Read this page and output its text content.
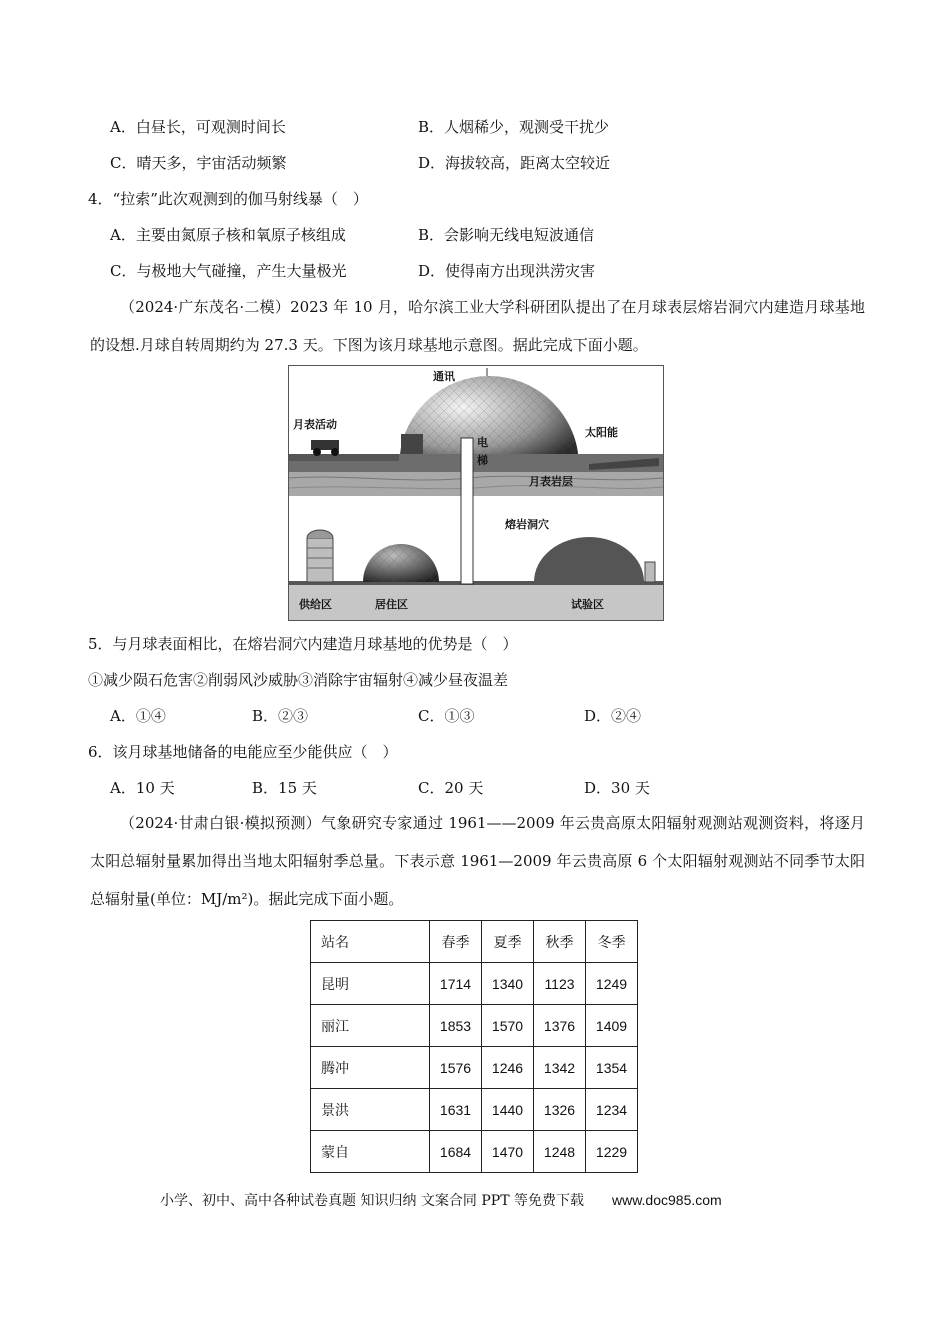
A．白昼长，可观测时间长	B．人烟稀少，观测受干扰少
C．晴天多，宇宙活动频繁	D．海拔较高，距离太空较近
4．“拉索”此次观测到的伽马射线暴（　）
A．主要由氮原子核和氧原子核组成	B．会影响无线电短波通信
C．与极地大气碰撞，产生大量极光	D．使得南方出现洪涝灾害
（2024·广东茂名·二模）2023 年 10 月，哈尔滨工业大学科研团队提出了在月球表层熔岩洞穴内建造月球基地的设想.月球自转周期约为 27.3 天。下图为该月球基地示意图。据此完成下面小题。
通讯
月表活动
电
梯
太阳能
月表岩层
熔岩洞穴
供给区	居住区	试验区
5．与月球表面相比，在熔岩洞穴内建造月球基地的优势是（　）
①减少陨石危害②削弱风沙威胁③消除宇宙辐射④减少昼夜温差
A．①④	B．②③	C．①③	D．②④
6．该月球基地储备的电能应至少能供应（　）
A．10 天	B．15 天	C．20 天	D．30 天
（2024·甘肃白银·模拟预测）气象研究专家通过 1961——2009 年云贵高原太阳辐射观测站观测资料，将逐月太阳总辐射量累加得出当地太阳辐射季总量。下表示意 1961—2009 年云贵高原 6 个太阳辐射观测站不同季节太阳总辐射量(单位：MJ/m²)。据此完成下面小题。
站名	春季	夏季	秋季	冬季
昆明	1714	1340	1123	1249
丽江	1853	1570	1376	1409
腾冲	1576	1246	1342	1354
景洪	1631	1440	1326	1234
蒙自	1684	1470	1248	1229
小学、初中、高中各种试卷真题 知识归纳 文案合同 PPT 等免费下载 www.doc985.com
